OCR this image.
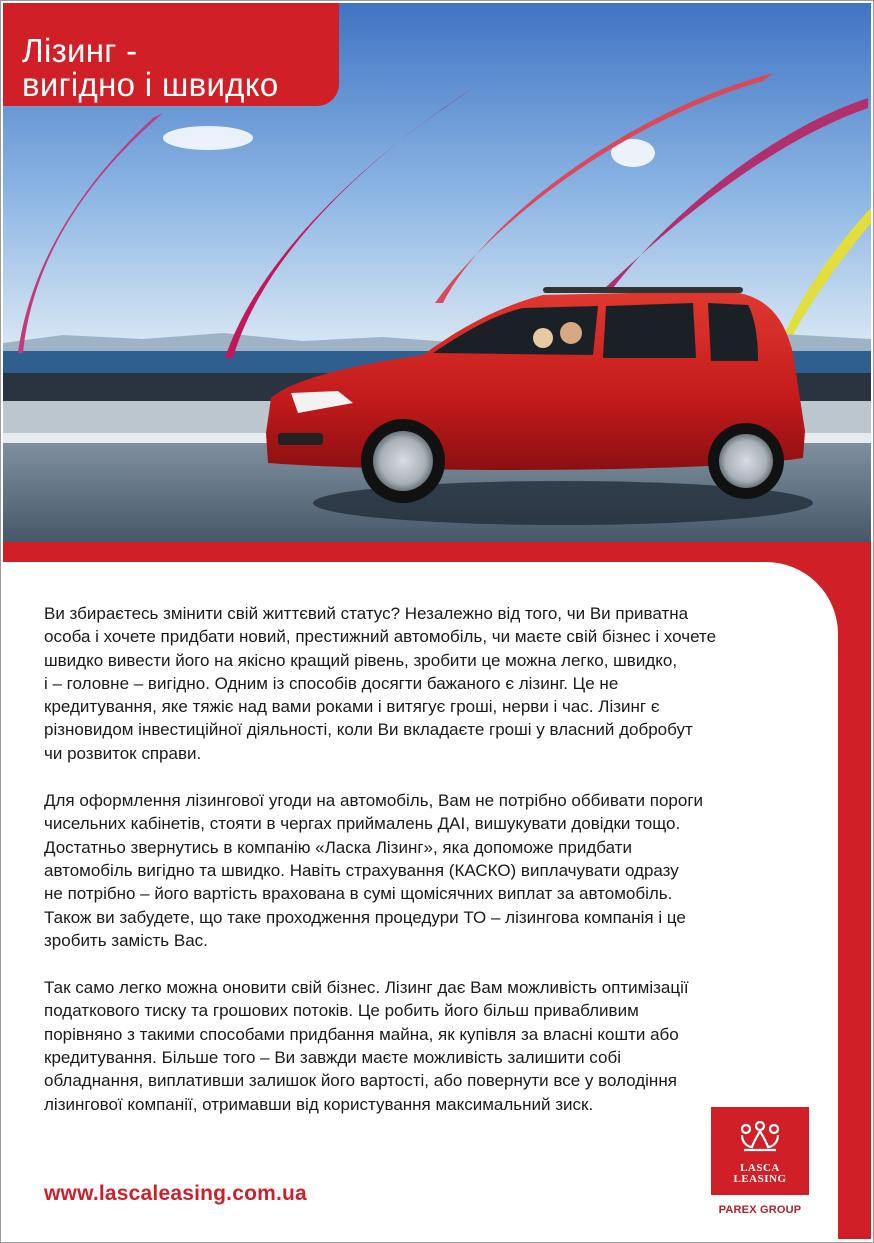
Лізинг -
вигідно і швидко

Ви збираєтесь змінити свій життєвий статус? Незалежно від того, чи Ви приватна
особа і хочете придбати новий, престижний автомобіль, чи маєте свій бізнес і хочете
швидко вивести його на якісно кращий рівень, зробити це можна легко, швидко,
і – головне – вигідно. Одним із способів досягти бажаного є лізинг. Це не
кредитування, яке тяжіє над вами роками і витягує гроші, нерви і час. Лізинг є
різновидом інвестиційної діяльності, коли Ви вкладаєте гроші у власний добробут
чи розвиток справи.

Для оформлення лізингової угоди на автомобіль, Вам не потрібно оббивати пороги
чисельних кабінетів, стояти в чергах приймалень ДАІ, вишукувати довідки тощо.
Достатньо звернутись в компанію «Ласка Лізинг», яка допоможе придбати
автомобіль вигідно та швидко. Навіть страхування (КАСКО) виплачувати одразу
не потрібно – його вартість врахована в сумі щомісячних виплат за автомобіль.
Також ви забудете, що таке проходження процедури ТО – лізингова компанія і це
зробить замість Вас.

Так само легко можна оновити свій бізнес. Лізинг дає Вам можливість оптимізації
податкового тиску та грошових потоків. Це робить його більш привабливим
порівняно з такими способами придбання майна, як купівля за власні кошти або
кредитування. Більше того – Ви завжди маєте можливість залишити собі
обладнання, виплативши залишок його вартості, або повернути все у володіння
лізингової компанії, отримавши від користування максимальний зиск.

www.lascaleasing.com.ua
LASCA
LEASING
PAREX GROUP
